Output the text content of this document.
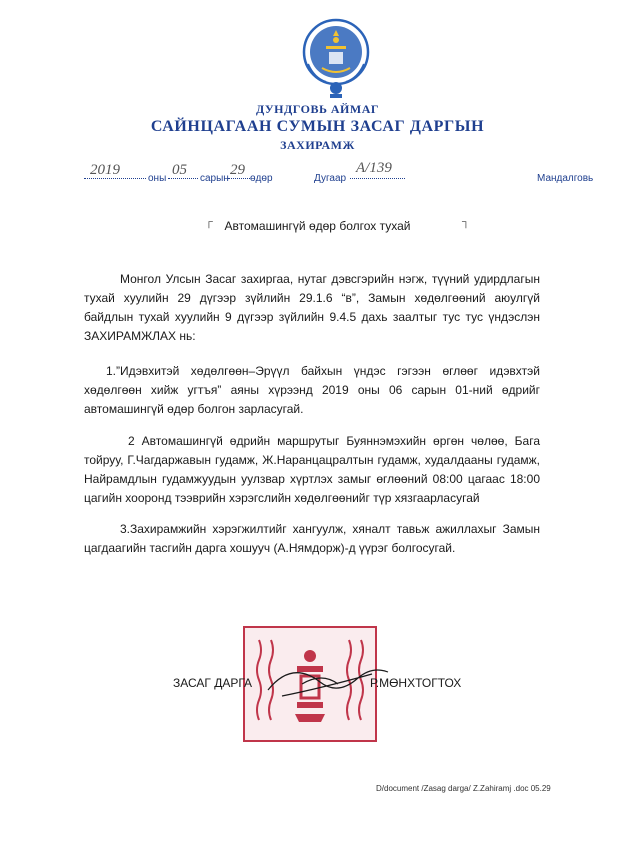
ДУНДГОВЬ АЙМАГ
САЙНЦАГААН СУМЫН ЗАСАГ ДАРГЫН
ЗАХИРАМЖ
2019
оны
05
сарын
29
өдөр	Дугаар
А/139
Мандалговь
┌ Автомашингүй өдөр болгох тухай	┐
Монгол Улсын Засаг захиргаа, нутаг дэвсгэрийн нэгж, түүний удирдлагын тухай хуулийн 29 дүгээр зүйлийн 29.1.6 “в”, Замын хөдөлгөөний аюулгүй байдлын тухай хуулийн 9 дүгээр зүйлийн 9.4.5 дахь заалтыг тус тус үндэслэн ЗАХИРАМЖЛАХ нь:
1.”Идэвхитэй хөдөлгөөн–Эрүүл байхын үндэс гэгээн өглөөг идэвхтэй хөдөлгөөн хийж угтъя” аяны хүрээнд 2019 оны 06 сарын 01-ний өдрийг автомашингүй өдөр болгон зарласугай.
2 Автомашингүй өдрийн маршрутыг Буяннэмэхийн өргөн чөлөө, Бага тойруу, Г.Чагдаржавын гудамж, Ж.Наранцацралтын гудамж, худалдааны гудамж, Найрамдлын гудамжуудын уулзвар хүртлэх замыг өглөөний 08:00 цагаас 18:00 цагийн хооронд тээврийн хэрэгслийн хөдөлгөөнийг түр хязгаарласугай
3.Захирамжийн хэрэгжилтийг хангуулж, хяналт тавьж ажиллахыг Замын цагдаагийн тасгийн дарга хошууч (А.Нямдорж)-д үүрэг болгосугай.
ЗАСАГ ДАРГА	Р.МӨНХТОГТОХ
D/document /Zasag darga/ Z.Zahiramj .doc 05.29
